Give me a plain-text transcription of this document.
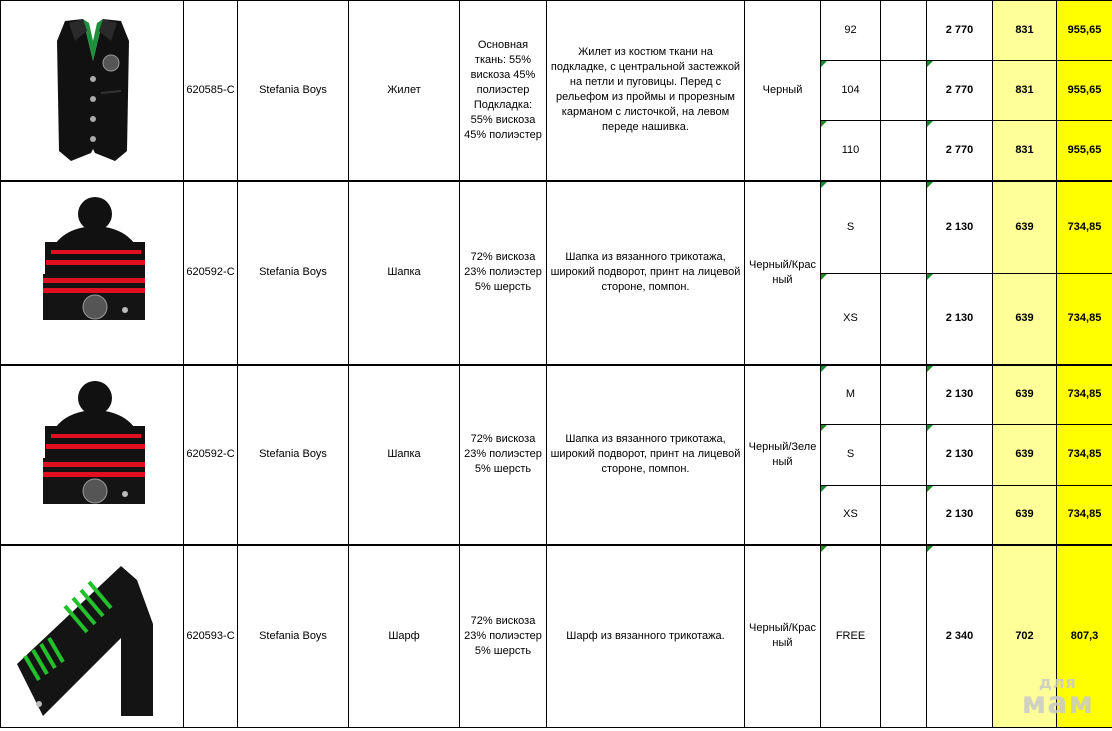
	620585-C	Stefania Boys	Жилет	Основная ткань: 55% вискоза 45% полиэстер Подкладка: 55% вискоза 45% полиэстер	Жилет из костюм ткани на подкладке, с центральной застежкой на петли и пуговицы. Перед с рельефом из проймы и прорезным карманом с листочкой, на левом переде нашивка.	Черный	92		2 770	831	955,65

104		2 770	831	955,65

110		2 770	831	955,65

	620592-C	Stefania Boys	Шапка	72% вискоза 23% полиэстер 5% шерсть	Шапка из вязанного трикотажа, широкий подворот, принт на лицевой стороне, помпон.	Черный/Крас ный	S		2 130	639	734,85

XS		2 130	639	734,85

	620592-C	Stefania Boys	Шапка	72% вискоза 23% полиэстер 5% шерсть	Шапка из вязанного трикотажа, широкий подворот, принт на лицевой стороне, помпон.	Черный/Зеле ный	M		2 130	639	734,85

S		2 130	639	734,85

XS		2 130	639	734,85

	620593-C	Stefania Boys	Шарф	72% вискоза 23% полиэстер 5% шерсть	Шарф из вязанного трикотажа.	Черный/Крас ный	FREE		2 340	702	807,3
для
мам
